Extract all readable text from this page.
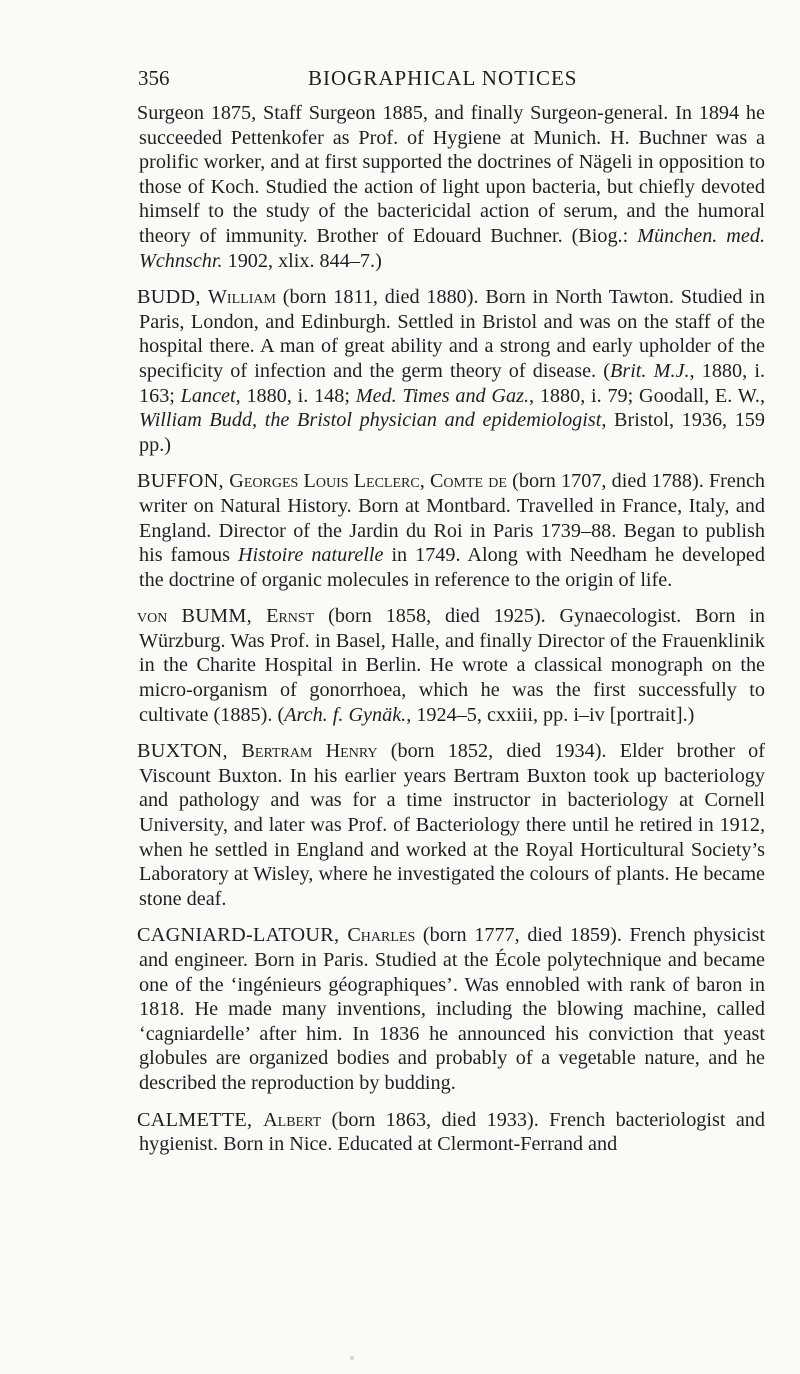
356	BIOGRAPHICAL NOTICES

Surgeon 1875, Staff Surgeon 1885, and finally Surgeon-general. In 1894 he succeeded Pettenkofer as Prof. of Hygiene at Munich. H. Buchner was a prolific worker, and at first supported the doctrines of Nägeli in opposition to those of Koch. Studied the action of light upon bacteria, but chiefly devoted himself to the study of the bactericidal action of serum, and the humoral theory of immunity. Brother of Edouard Buchner. (Biog.: München. med. Wchnschr. 1902, xlix. 844–7.)

BUDD, William (born 1811, died 1880). Born in North Tawton. Studied in Paris, London, and Edinburgh. Settled in Bristol and was on the staff of the hospital there. A man of great ability and a strong and early upholder of the specificity of infection and the germ theory of disease. (Brit. M.J., 1880, i. 163; Lancet, 1880, i. 148; Med. Times and Gaz., 1880, i. 79; Goodall, E. W., William Budd, the Bristol physician and epidemiologist, Bristol, 1936, 159 pp.)

BUFFON, Georges Louis Leclerc, Comte de (born 1707, died 1788). French writer on Natural History. Born at Montbard. Travelled in France, Italy, and England. Director of the Jardin du Roi in Paris 1739–88. Began to publish his famous Histoire naturelle in 1749. Along with Needham he developed the doctrine of organic molecules in reference to the origin of life.

von BUMM, Ernst (born 1858, died 1925). Gynaecologist. Born in Würzburg. Was Prof. in Basel, Halle, and finally Director of the Frauenklinik in the Charite Hospital in Berlin. He wrote a classical monograph on the micro-organism of gonorrhoea, which he was the first successfully to cultivate (1885). (Arch. f. Gynäk., 1924–5, cxxiii, pp. i–iv [portrait].)

BUXTON, Bertram Henry (born 1852, died 1934). Elder brother of Viscount Buxton. In his earlier years Bertram Buxton took up bacteriology and pathology and was for a time instructor in bacteriology at Cornell University, and later was Prof. of Bacteriology there until he retired in 1912, when he settled in England and worked at the Royal Horticultural Society’s Laboratory at Wisley, where he investigated the colours of plants. He became stone deaf.

CAGNIARD-LATOUR, Charles (born 1777, died 1859). French physicist and engineer. Born in Paris. Studied at the École polytechnique and became one of the ‘ingénieurs géographiques’. Was ennobled with rank of baron in 1818. He made many inventions, including the blowing machine, called ‘cagniardelle’ after him. In 1836 he announced his conviction that yeast globules are organized bodies and probably of a vegetable nature, and he described the reproduction by budding.

CALMETTE, Albert (born 1863, died 1933). French bacteriologist and hygienist. Born in Nice. Educated at Clermont-Ferrand and
